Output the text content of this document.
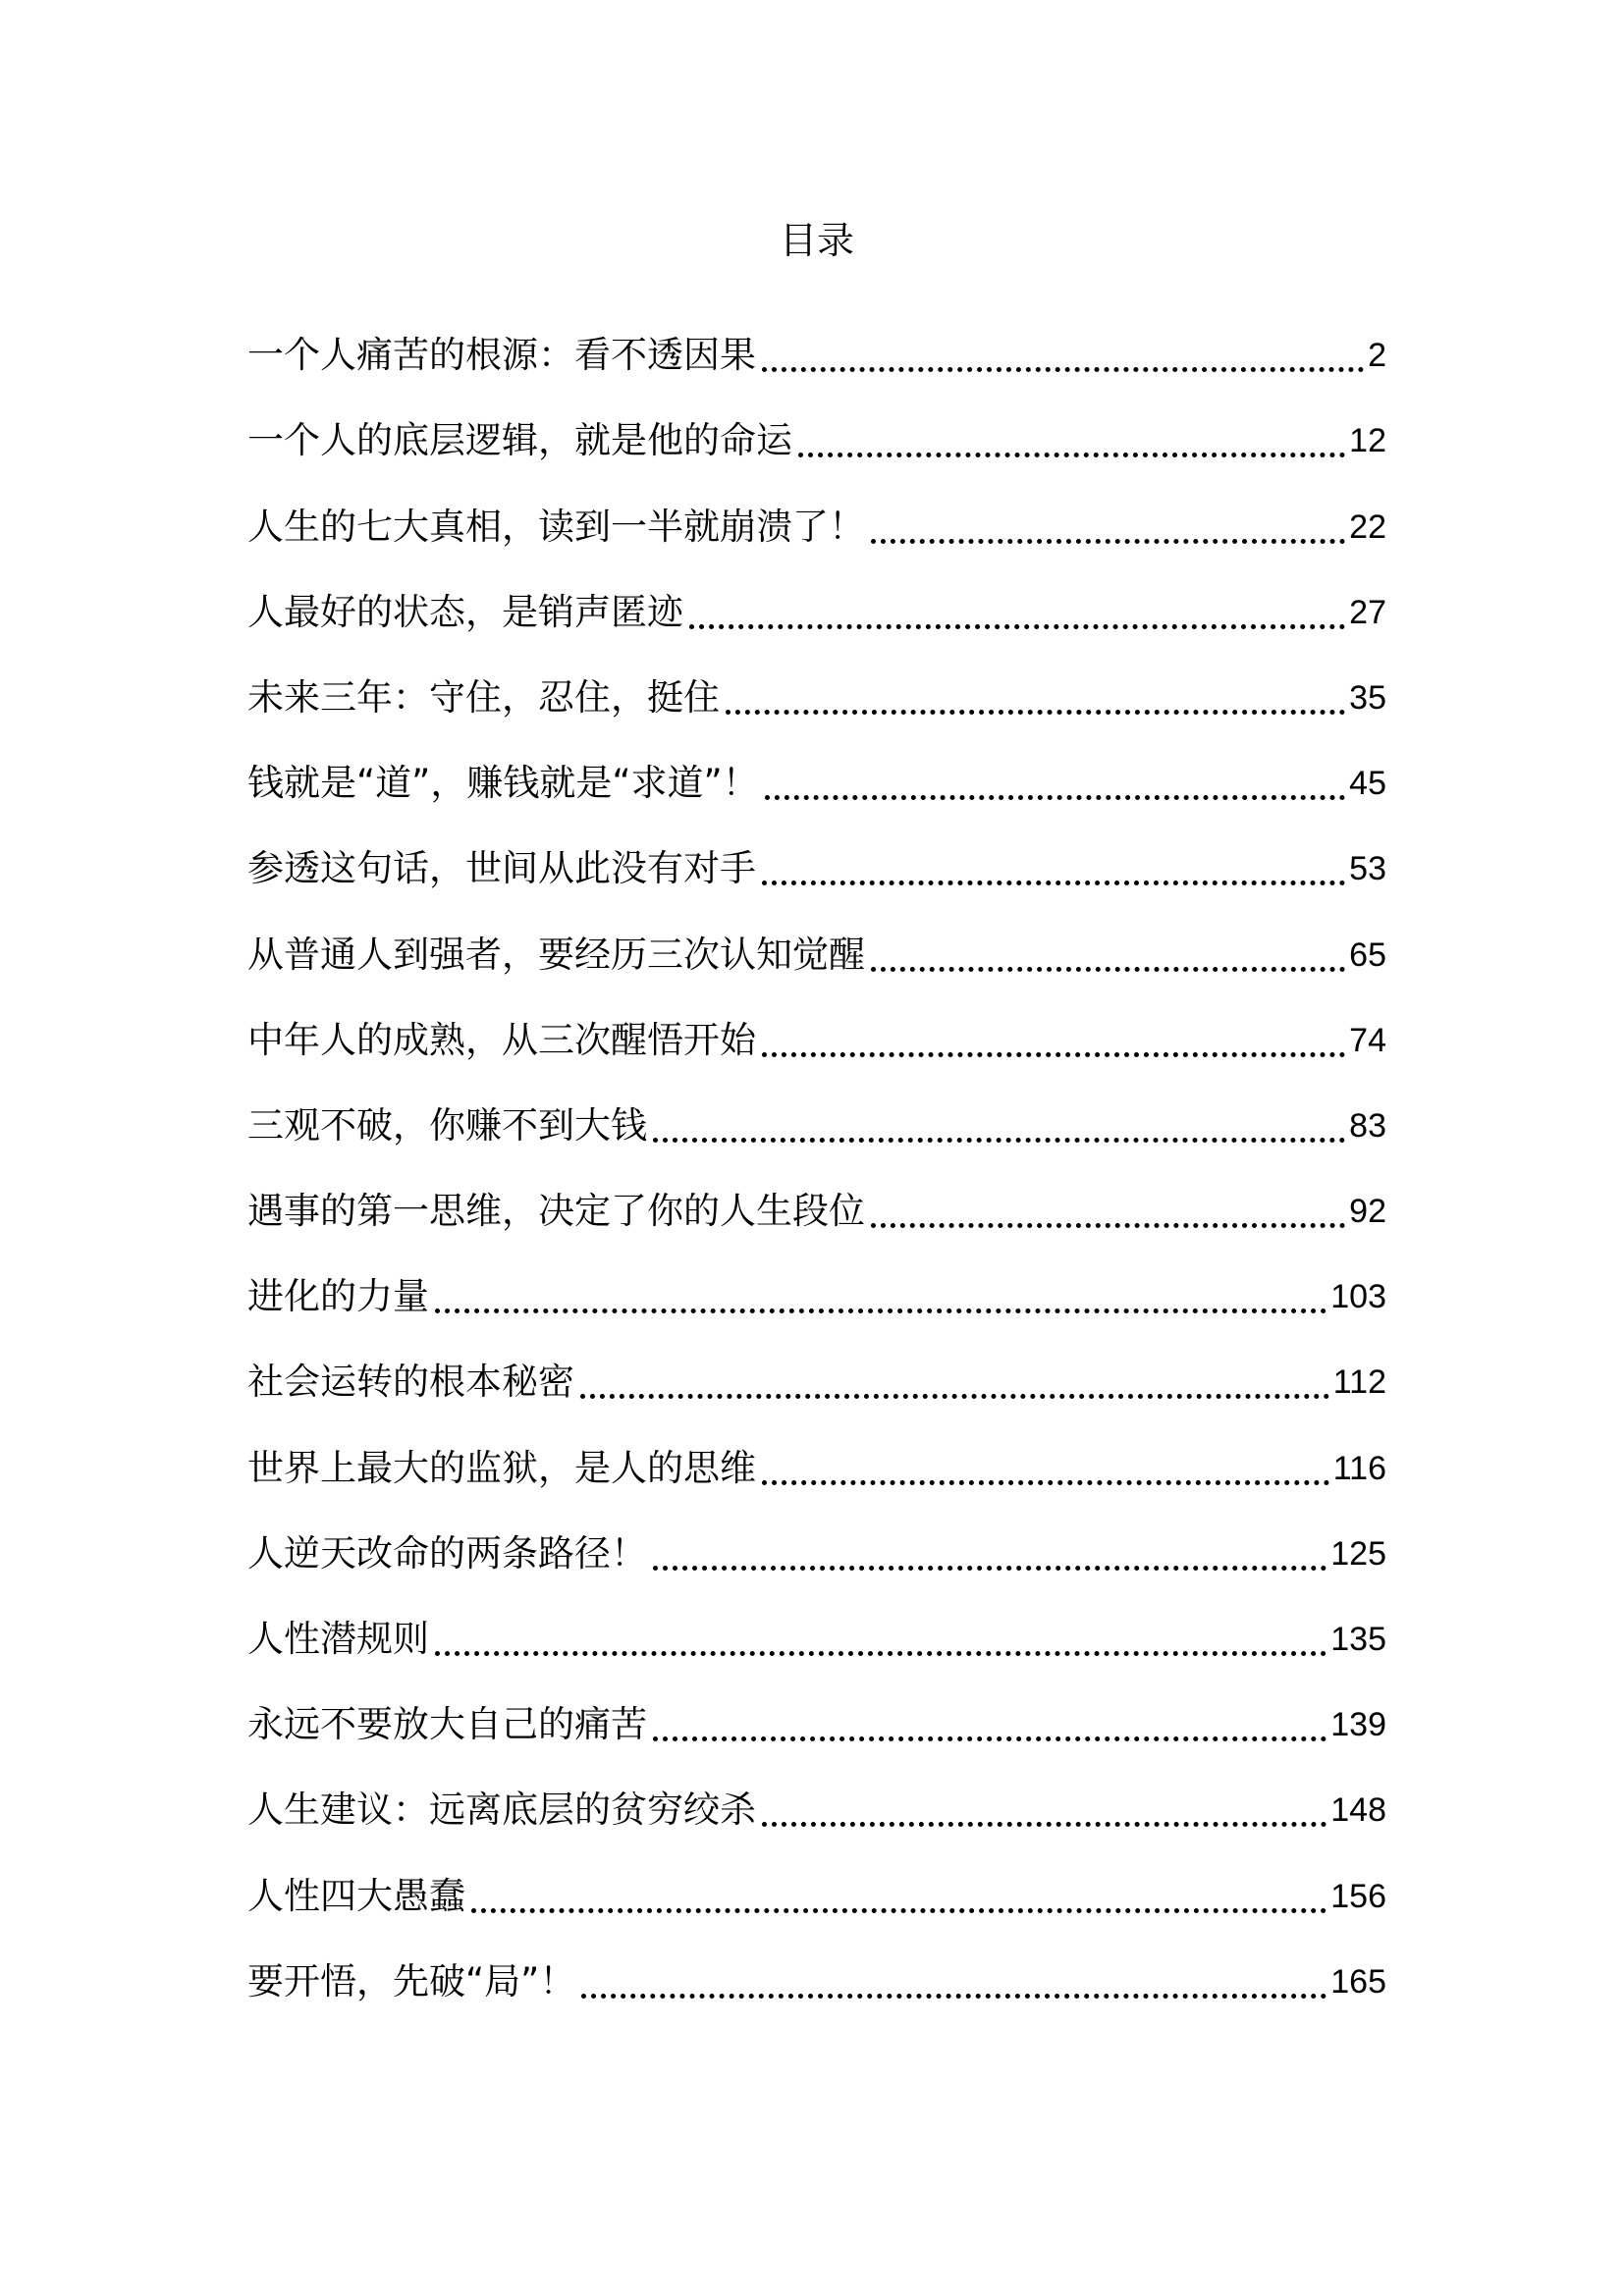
目录
一个人痛苦的根源：看不透因果	2
一个人的底层逻辑，就是他的命运	12
人生的七大真相，读到一半就崩溃了！	22
人最好的状态，是销声匿迹	27
未来三年：守住，忍住，挺住	35
钱就是“道”，赚钱就是“求道”！	45
参透这句话，世间从此没有对手	53
从普通人到强者，要经历三次认知觉醒	65
中年人的成熟，从三次醒悟开始	74
三观不破，你赚不到大钱	83
遇事的第一思维，决定了你的人生段位	92
进化的力量	103
社会运转的根本秘密	112
世界上最大的监狱，是人的思维	116
人逆天改命的两条路径！	125
人性潜规则	135
永远不要放大自己的痛苦	139
人生建议：远离底层的贫穷绞杀	148
人性四大愚蠢	156
要开悟，先破“局”！	165
